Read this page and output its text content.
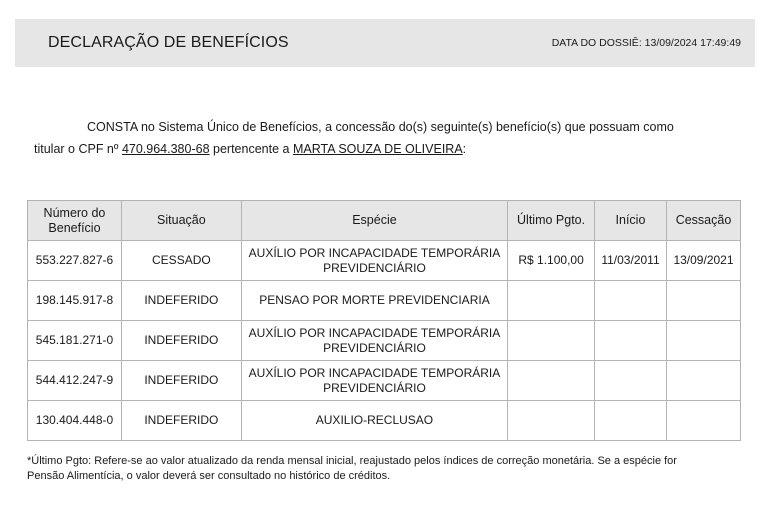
DECLARAÇÃO DE BENEFÍCIOS	DATA DO DOSSIÊ: 13/09/2024 17:49:49
CONSTA no Sistema Único de Benefícios, a concessão do(s) seguinte(s) benefício(s) que possuam como
titular o CPF nº 470.964.380-68 pertencente a MARTA SOUZA DE OLIVEIRA:
Número do
Benefício	Situação	Espécie	Último Pgto.	Início	Cessação
553.227.827-6	CESSADO	AUXÍLIO POR INCAPACIDADE TEMPORÁRIA
PREVIDENCIÁRIO	R$ 1.100,00	11/03/2011	13/09/2021
198.145.917-8	INDEFERIDO	PENSAO POR MORTE PREVIDENCIARIA			
545.181.271-0	INDEFERIDO	AUXÍLIO POR INCAPACIDADE TEMPORÁRIA
PREVIDENCIÁRIO			
544.412.247-9	INDEFERIDO	AUXÍLIO POR INCAPACIDADE TEMPORÁRIA
PREVIDENCIÁRIO			
130.404.448-0	INDEFERIDO	AUXILIO-RECLUSAO			
*Último Pgto: Refere-se ao valor atualizado da renda mensal inicial, reajustado pelos índices de correção monetária. Se a espécie for
Pensão Alimentícia, o valor deverá ser consultado no histórico de créditos.
